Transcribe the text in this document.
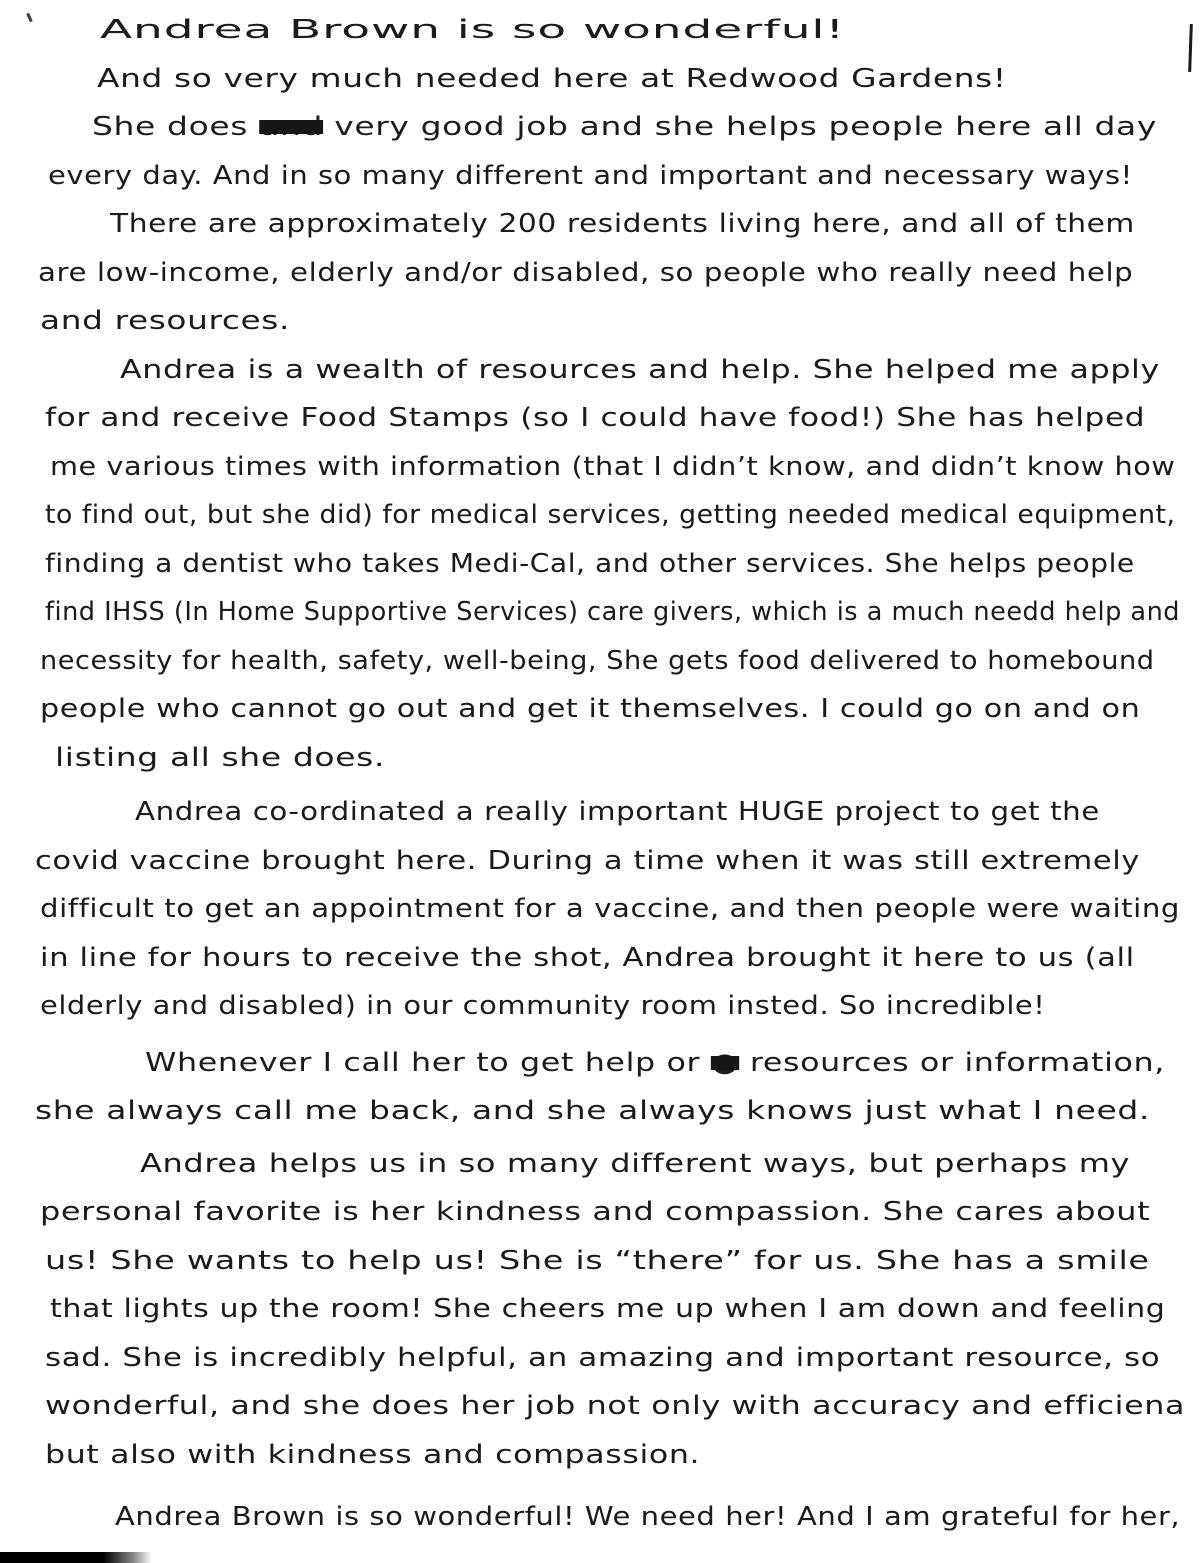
Andrea Brown is so wonderful!
And so very much needed here at Redwood Gardens!
She does and very good job and she helps people here all day
every day. And in so many different and important and necessary ways!
There are approximately 200 residents living here, and all of them
are low-income, elderly and/or disabled, so people who really need help
and resources.
Andrea is a wealth of resources and help. She helped me apply
for and receive Food Stamps (so I could have food!) She has helped
me various times with information (that I didn’t know, and didn’t know how
to find out, but she did) for medical services, getting needed medical equipment,
finding a dentist who takes Medi-Cal, and other services. She helps people
find IHSS (In Home Supportive Services) care givers, which is a much needd help and
necessity for health, safety, well-being, She gets food delivered to homebound
people who cannot go out and get it themselves. I could go on and on
listing all she does.
Andrea co-ordinated a really important HUGE project to get the
covid vaccine brought here. During a time when it was still extremely
difficult to get an appointment for a vaccine, and then people were waiting
in line for hours to receive the shot, Andrea brought it here to us (all
elderly and disabled) in our community room insted. So incredible!
Whenever I call her to get help or ● resources or information,
she always call me back, and she always knows just what I need.
Andrea helps us in so many different ways, but perhaps my
personal favorite is her kindness and compassion. She cares about
us! She wants to help us! She is “there” for us. She has a smile
that lights up the room! She cheers me up when I am down and feeling
sad. She is incredibly helpful, an amazing and important resource, so
wonderful, and she does her job not only with accuracy and efficiena
but also with kindness and compassion.
Andrea Brown is so wonderful! We need her! And I am grateful for her,
